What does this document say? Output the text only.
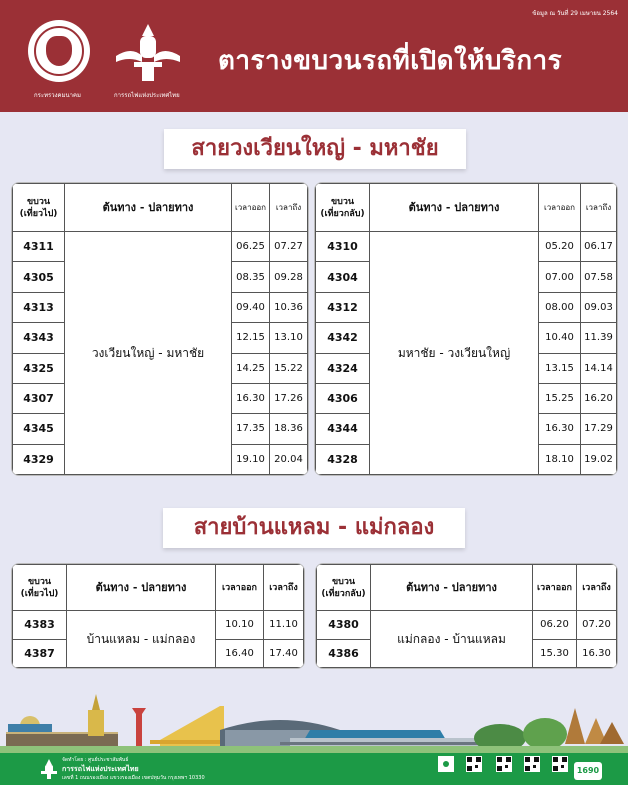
ข้อมูล ณ วันที่ 29 เมษายน 2564
กระทรวงคมนาคม	การรถไฟแห่งประเทศไทย
ตารางขบวนรถที่เปิดให้บริการ
สายวงเวียนใหญ่ - มหาชัย
ขบวน
(เที่ยวไป)	ต้นทาง - ปลายทาง	เวลาออก	เวลาถึง
4311	วงเวียนใหญ่ - มหาชัย	06.25	07.27
4305		08.35	09.28
4313		09.40	10.36
4343		12.15	13.10
4325		14.25	15.22
4307		16.30	17.26
4345		17.35	18.36
4329		19.10	20.04
ขบวน
(เที่ยวกลับ)	ต้นทาง - ปลายทาง	เวลาออก	เวลาถึง
4310	มหาชัย - วงเวียนใหญ่	05.20	06.17
4304		07.00	07.58
4312		08.00	09.03
4342		10.40	11.39
4324		13.15	14.14
4306		15.25	16.20
4344		16.30	17.29
4328		18.10	19.02
สายบ้านแหลม - แม่กลอง
ขบวน
(เที่ยวไป)	ต้นทาง - ปลายทาง	เวลาออก	เวลาถึง
4383	บ้านแหลม - แม่กลอง	10.10	11.10
4387		16.40	17.40
ขบวน
(เที่ยวกลับ)	ต้นทาง - ปลายทาง	เวลาออก	เวลาถึง
4380	แม่กลอง - บ้านแหลม	06.20	07.20
4386		15.30	16.30
จัดทำโดย : ศูนย์ประชาสัมพันธ์
การรถไฟแห่งประเทศไทย
เลขที่ 1 ถนนรองเมือง แขวงรองเมือง เขตปทุมวัน กรุงเทพฯ 10330
1690
